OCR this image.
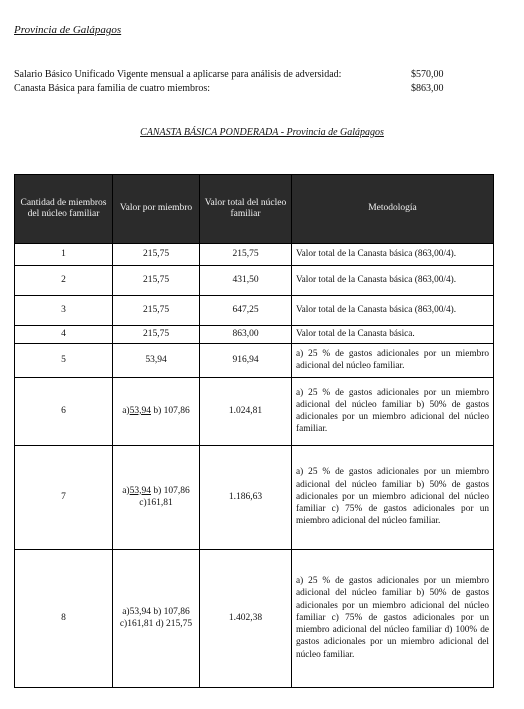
Provincia de Galápagos
Salario Básico Unificado Vigente mensual a aplicarse para análisis de adversidad:	$570,00
Canasta Básica para familia de cuatro miembros:	$863,00
CANASTA BÁSICA PONDERADA - Provincia de Galápagos
Cantidad de miembros del núcleo familiar	Valor por miembro	Valor total del núcleo familiar	Metodología
1	215,75	215,75	Valor total de la Canasta básica (863,00/4).
2	215,75	431,50	Valor total de la Canasta básica (863,00/4).
3	215,75	647,25	Valor total de la Canasta básica (863,00/4).
4	215,75	863,00	Valor total de la Canasta básica.
5	53,94	916,94	a) 25 % de gastos adicionales por un miembro adicional del núcleo familiar.
6	a)53,94 b) 107,86	1.024,81	a) 25 % de gastos adicionales por un miembro adicional del núcleo familiar b) 50% de gastos adicionales por un miembro adicional del núcleo familiar.
7	a)53,94 b) 107,86 c)161,81	1.186,63	a) 25 % de gastos adicionales por un miembro adicional del núcleo familiar b) 50% de gastos adicionales por un miembro adicional del núcleo familiar c) 75% de gastos adicionales por un miembro adicional del núcleo familiar.
8	a)53,94 b) 107,86 c)161,81 d) 215,75	1.402,38	a) 25 % de gastos adicionales por un miembro adicional del núcleo familiar b) 50% de gastos adicionales por un miembro adicional del núcleo familiar c) 75% de gastos adicionales por un miembro adicional del núcleo familiar d) 100% de gastos adicionales por un miembro adicional del núcleo familiar.
